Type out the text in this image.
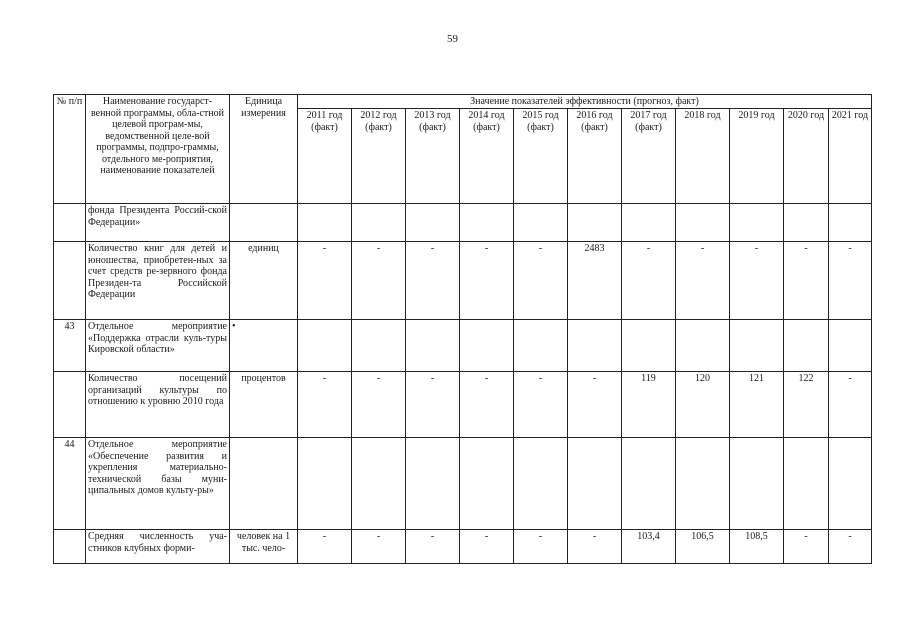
59
№ п/п	Наименование государст-венной программы, обла-стной целевой програм-мы, ведомственной целе-вой программы, подпро-граммы, отдельного ме-роприятия, наименование показателей	Единица измерения	Значение показателей эффективности (прогноз, факт)										
			2011 год (факт)	2012 год (факт)	2013 год (факт)	2014 год (факт)	2015 год (факт)	2016 год (факт)	2017 год (факт)	2018 год	2019 год	2020 год	2021 год
	фонда Президента Россий-ской Федерации»												
	Количество книг для детей и юношества, приобретен-ных за счет средств ре-зервного фонда Президен-та Российской Федерации	единиц	-	-	-	-	-	2483	-	-	-	-	-
43	Отдельное мероприятие «Поддержка отрасли куль-туры Кировской области»	•											
	Количество посещений организаций культуры по отношению к уровню 2010 года	процентов	-	-	-	-	-	-	119	120	121	122	-
44	Отдельное мероприятие «Обеспечение развития и укрепления материально-технической базы муни-ципальных домов культу-ры»												
	Средняя численность уча-стников клубных форми-	человек на 1 тыс. чело-	-	-	-	-	-	-	103,4	106,5	108,5	-	-
